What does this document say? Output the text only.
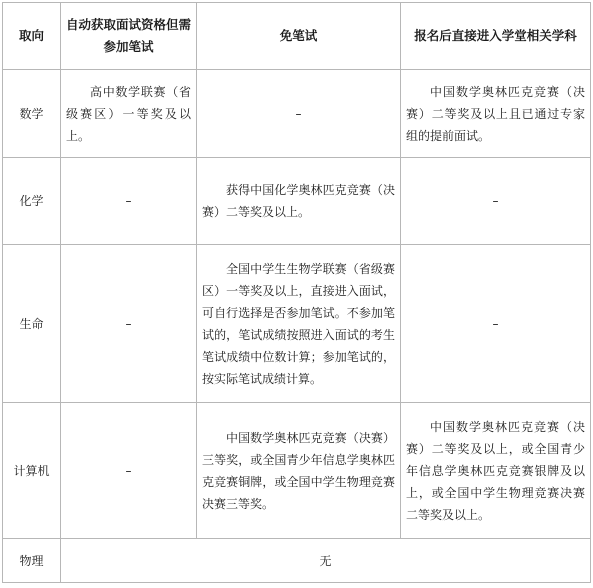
取向	自动获取面试资格但需参加笔试	免笔试	报名后直接进入学堂相关学科
数学	高中数学联赛（省级赛区）一等奖及以上。	–	中国数学奥林匹克竞赛（决赛）二等奖及以上且已通过专家组的提前面试。
化学	–	获得中国化学奥林匹克竞赛（决赛）二等奖及以上。	–
生命	–	全国中学生生物学联赛（省级赛区）一等奖及以上，直接进入面试，可自行选择是否参加笔试。不参加笔试的，笔试成绩按照进入面试的考生笔试成绩中位数计算；参加笔试的，按实际笔试成绩计算。	–
计算机	–	中国数学奥林匹克竞赛（决赛）三等奖，或全国青少年信息学奥林匹克竞赛铜牌，或全国中学生物理竞赛决赛三等奖。	中国数学奥林匹克竞赛（决赛）二等奖及以上，或全国青少年信息学奥林匹克竞赛银牌及以上，或全国中学生物理竞赛决赛二等奖及以上。
物理	无		
